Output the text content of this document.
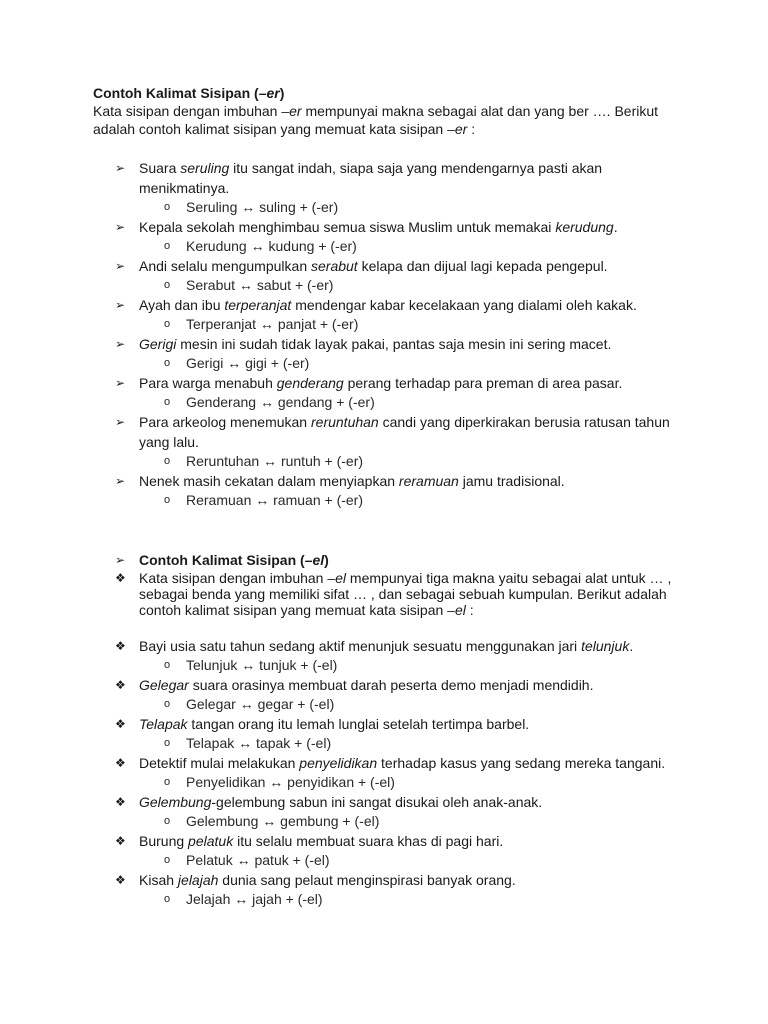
Contoh Kalimat Sisipan (–er)
Kata sisipan dengan imbuhan –er mempunyai makna sebagai alat dan yang ber …. Berikut adalah contoh kalimat sisipan yang memuat kata sisipan –er :
➢ Suara seruling itu sangat indah, siapa saja yang mendengarnya pasti akan menikmatinya.
o Seruling ↔ suling + (-er)
➢ Kepala sekolah menghimbau semua siswa Muslim untuk memakai kerudung.
o Kerudung ↔ kudung + (-er)
➢ Andi selalu mengumpulkan serabut kelapa dan dijual lagi kepada pengepul.
o Serabut ↔ sabut + (-er)
➢ Ayah dan ibu terperanjat mendengar kabar kecelakaan yang dialami oleh kakak.
o Terperanjat ↔ panjat + (-er)
➢ Gerigi mesin ini sudah tidak layak pakai, pantas saja mesin ini sering macet.
o Gerigi ↔ gigi + (-er)
➢ Para warga menabuh genderang perang terhadap para preman di area pasar.
o Genderang ↔ gendang + (-er)
➢ Para arkeolog menemukan reruntuhan candi yang diperkirakan berusia ratusan tahun yang lalu.
o Reruntuhan ↔ runtuh + (-er)
➢ Nenek masih cekatan dalam menyiapkan reramuan jamu tradisional.
o Reramuan ↔ ramuan + (-er)
➢ Contoh Kalimat Sisipan (–el)
❖ Kata sisipan dengan imbuhan –el mempunyai tiga makna yaitu sebagai alat untuk … , sebagai benda yang memiliki sifat … , dan sebagai sebuah kumpulan. Berikut adalah contoh kalimat sisipan yang memuat kata sisipan –el :
❖ Bayi usia satu tahun sedang aktif menunjuk sesuatu menggunakan jari telunjuk.
o Telunjuk ↔ tunjuk + (-el)
❖ Gelegar suara orasinya membuat darah peserta demo menjadi mendidih.
o Gelegar ↔ gegar + (-el)
❖ Telapak tangan orang itu lemah lunglai setelah tertimpa barbel.
o Telapak ↔ tapak + (-el)
❖ Detektif mulai melakukan penyelidikan terhadap kasus yang sedang mereka tangani.
o Penyelidikan ↔ penyidikan + (-el)
❖ Gelembung-gelembung sabun ini sangat disukai oleh anak-anak.
o Gelembung ↔ gembung + (-el)
❖ Burung pelatuk itu selalu membuat suara khas di pagi hari.
o Pelatuk ↔ patuk + (-el)
❖ Kisah jelajah dunia sang pelaut menginspirasi banyak orang.
o Jelajah ↔ jajah + (-el)
